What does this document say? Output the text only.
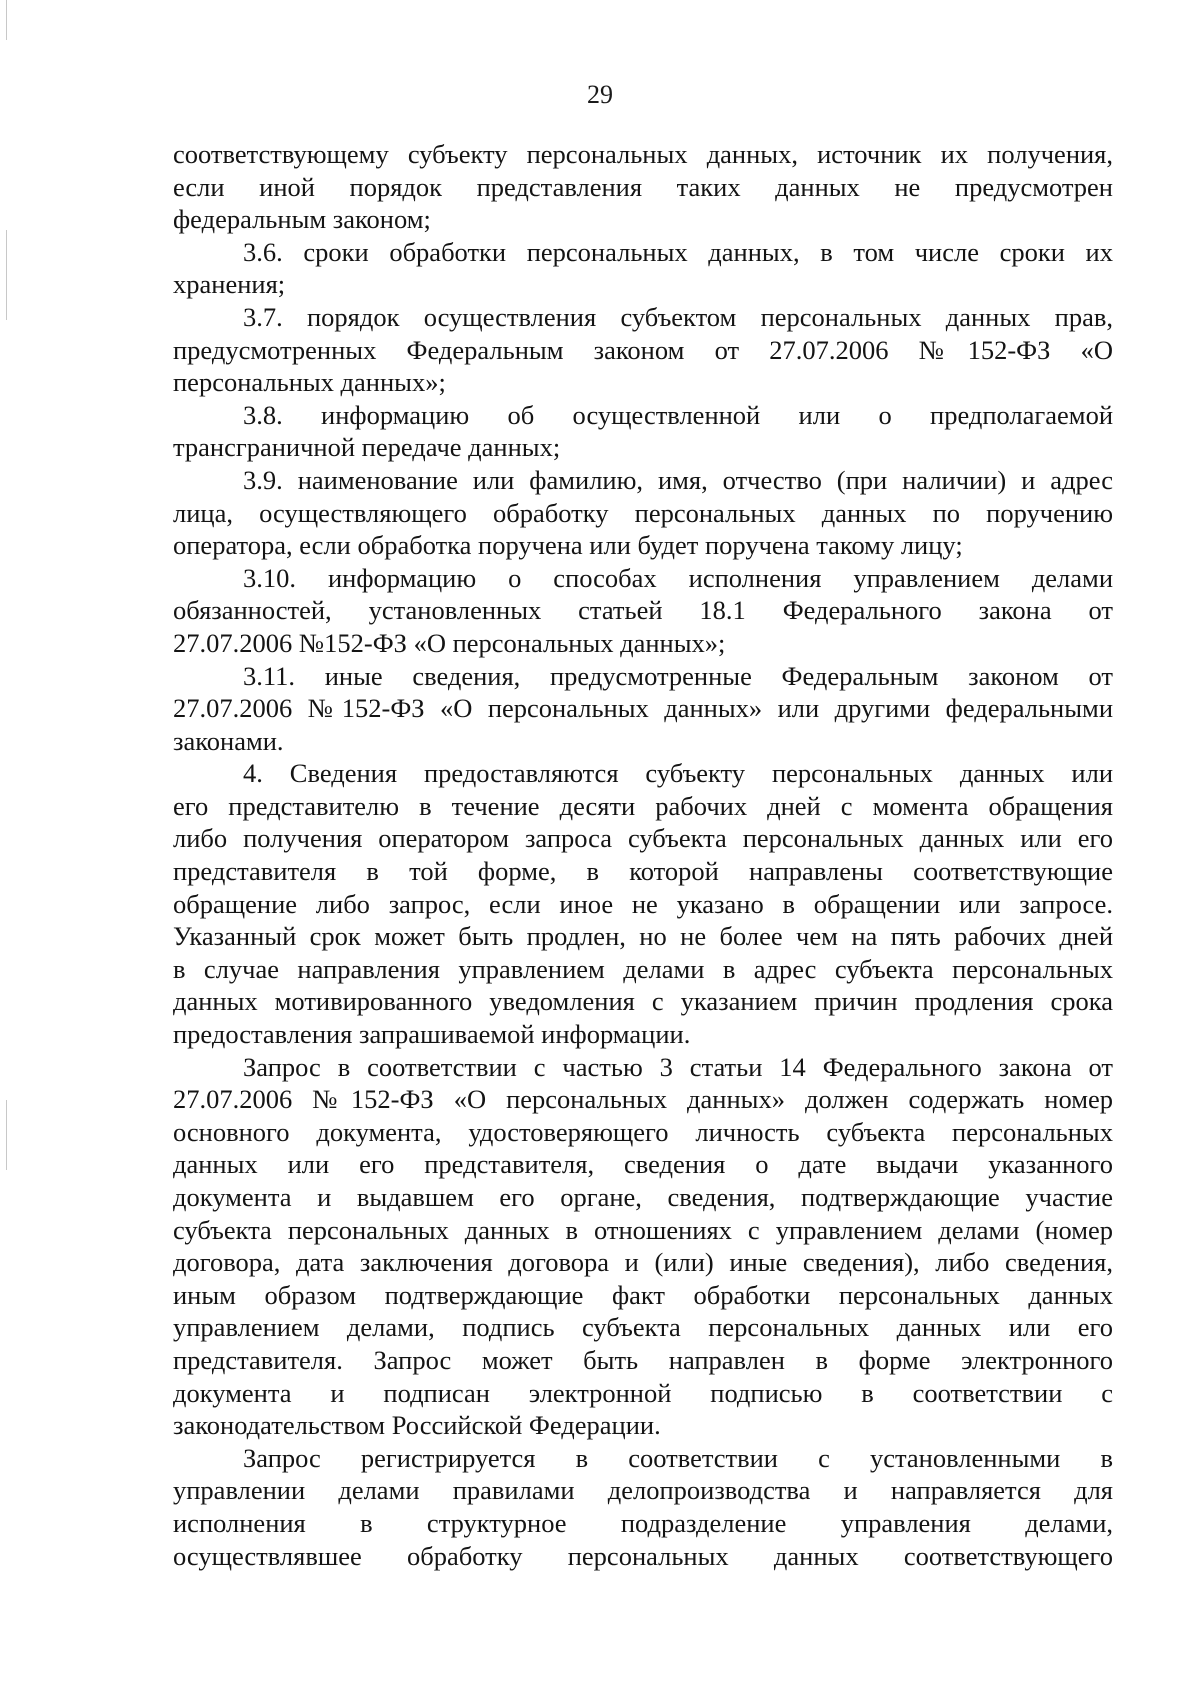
29

соответствующему субъекту персональных данных, источник их получения,

если иной порядок представления таких данных не предусмотрен

федеральным законом;

3.6. сроки обработки персональных данных, в том числе сроки их

хранения;

3.7. порядок осуществления субъектом персональных данных прав,

предусмотренных Федеральным законом от 27.07.2006 №152-ФЗ «О

персональных данных»;

3.8. информацию об осуществленной или о предполагаемой

трансграничной передаче данных;

3.9. наименование или фамилию, имя, отчество (при наличии) и адрес

лица, осуществляющего обработку персональных данных по поручению

оператора, если обработка поручена или будет поручена такому лицу;

3.10. информацию о способах исполнения управлением делами

обязанностей, установленных статьей 18.1 Федерального закона от

27.07.2006 №152-ФЗ «О персональных данных»;

3.11. иные сведения, предусмотренные Федеральным законом от

27.07.2006 №152-ФЗ «О персональных данных» или другими федеральными

законами.

4. Сведения предоставляются субъекту персональных данных или

его представителю в течение десяти рабочих дней с момента обращения

либо получения оператором запроса субъекта персональных данных или его

представителя в той форме, в которой направлены соответствующие

обращение либо запрос, если иное не указано в обращении или запросе.

Указанный срок может быть продлен, но не более чем на пять рабочих дней

в случае направления управлением делами в адрес субъекта персональных

данных мотивированного уведомления с указанием причин продления срока

предоставления запрашиваемой информации.

Запрос в соответствии с частью 3 статьи 14 Федерального закона от

27.07.2006 №152-ФЗ «О персональных данных» должен содержать номер

основного документа, удостоверяющего личность субъекта персональных

данных или его представителя, сведения о дате выдачи указанного

документа и выдавшем его органе, сведения, подтверждающие участие

субъекта персональных данных в отношениях с управлением делами (номер

договора, дата заключения договора и (или) иные сведения), либо сведения,

иным образом подтверждающие факт обработки персональных данных

управлением делами, подпись субъекта персональных данных или его

представителя. Запрос может быть направлен в форме электронного

документа и подписан электронной подписью в соответствии с

законодательством Российской Федерации.

Запрос регистрируется в соответствии с установленными в

управлении делами правилами делопроизводства и направляется для

исполнения в структурное подразделение управления делами,

осуществлявшее обработку персональных данных соответствующего
